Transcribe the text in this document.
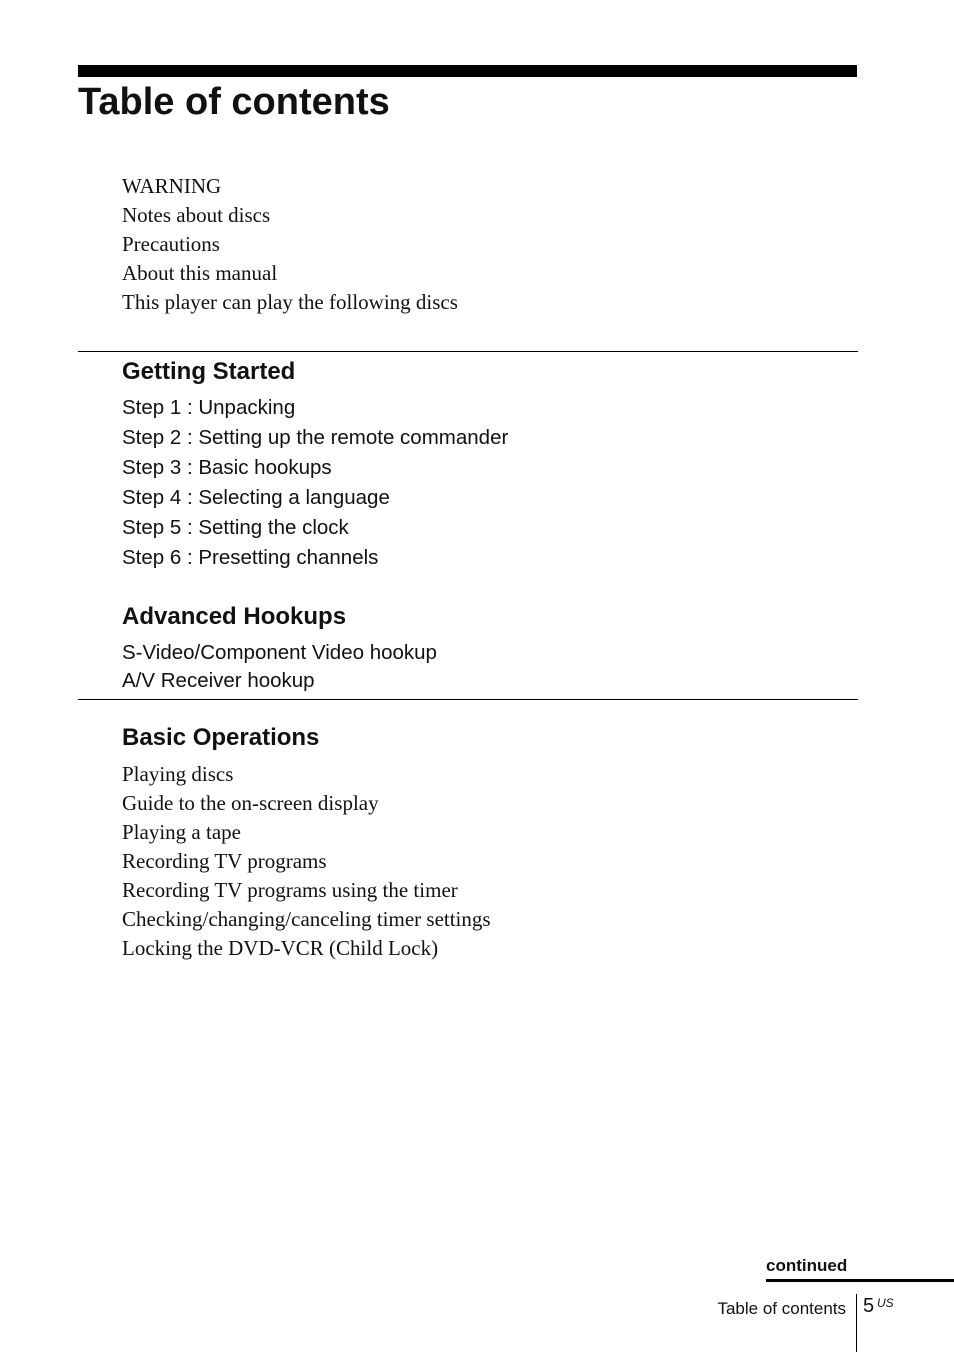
Table of contents
WARNING
Notes about discs
Precautions
About this manual
This player can play the following discs
Getting Started
Step 1 : Unpacking
Step 2 : Setting up the remote commander
Step 3 : Basic hookups
Step 4 : Selecting a language
Step 5 : Setting the clock
Step 6 : Presetting channels
Advanced Hookups
S-Video/Component Video hookup
A/V Receiver hookup
Basic Operations
Playing discs
Guide to the on-screen display
Playing a tape
Recording TV programs
Recording TV programs using the timer
Checking/changing/canceling timer settings
Locking the DVD-VCR (Child Lock)
continued
Table of contents 5 US
